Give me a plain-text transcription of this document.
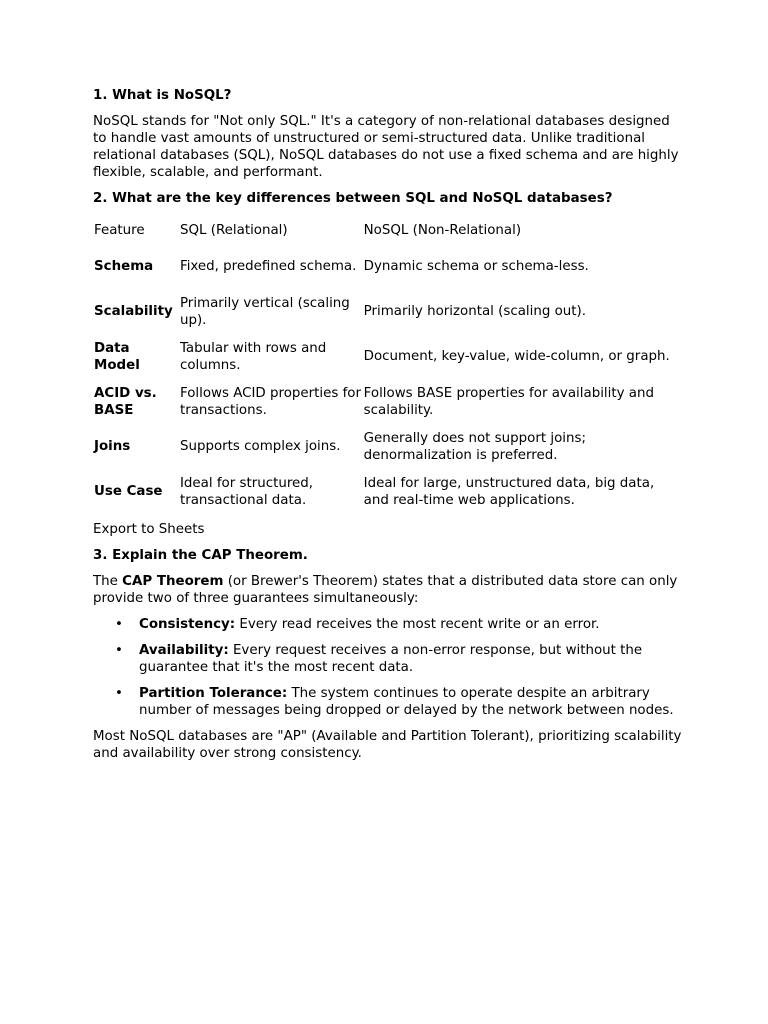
1. What is NoSQL?
NoSQL stands for "Not only SQL." It's a category of non-relational databases designed to handle vast amounts of unstructured or semi-structured data. Unlike traditional relational databases (SQL), NoSQL databases do not use a fixed schema and are highly flexible, scalable, and performant.
2. What are the key differences between SQL and NoSQL databases?
Feature	SQL (Relational)	NoSQL (Non-Relational)
Schema	Fixed, predefined schema.	Dynamic schema or schema-less.
Scalability	Primarily vertical (scaling up).	Primarily horizontal (scaling out).
Data Model	Tabular with rows and columns.	Document, key-value, wide-column, or graph.
ACID vs. BASE	Follows ACID properties for transactions.	Follows BASE properties for availability and scalability.
Joins	Supports complex joins.	Generally does not support joins; denormalization is preferred.
Use Case	Ideal for structured, transactional data.	Ideal for large, unstructured data, big data, and real-time web applications.
Export to Sheets
3. Explain the CAP Theorem.
The CAP Theorem (or Brewer's Theorem) states that a distributed data store can only provide two of three guarantees simultaneously:
• Consistency: Every read receives the most recent write or an error.
• Availability: Every request receives a non-error response, but without the guarantee that it's the most recent data.
• Partition Tolerance: The system continues to operate despite an arbitrary number of messages being dropped or delayed by the network between nodes.
Most NoSQL databases are "AP" (Available and Partition Tolerant), prioritizing scalability and availability over strong consistency.
